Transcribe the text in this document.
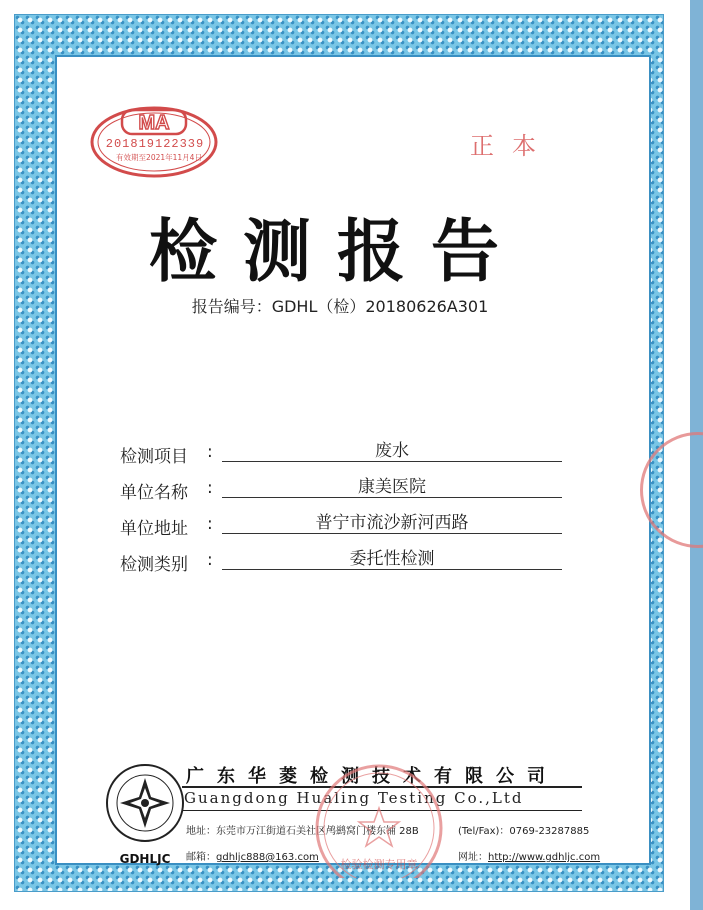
MA
201819122339
有效期至2021年11月4日	正本
检测报告
报告编号：GDHL（检）20180626A301
检测项目	:	废水
单位名称	:	康美医院
单位地址	:	普宁市流沙新河西路
检测类别	:	委托性检测
GDHLJC
广东华菱检测技术有限公司
Guangdong Hualing Testing Co.,Ltd
地址：东莞市万江街道石美社区鸬鹚窝门楼东铺 28B	(Tel/Fax)：0769-23287885
邮箱：gdhljc888@163.com	网址：http://www.gdhljc.com
检验检测专用章
